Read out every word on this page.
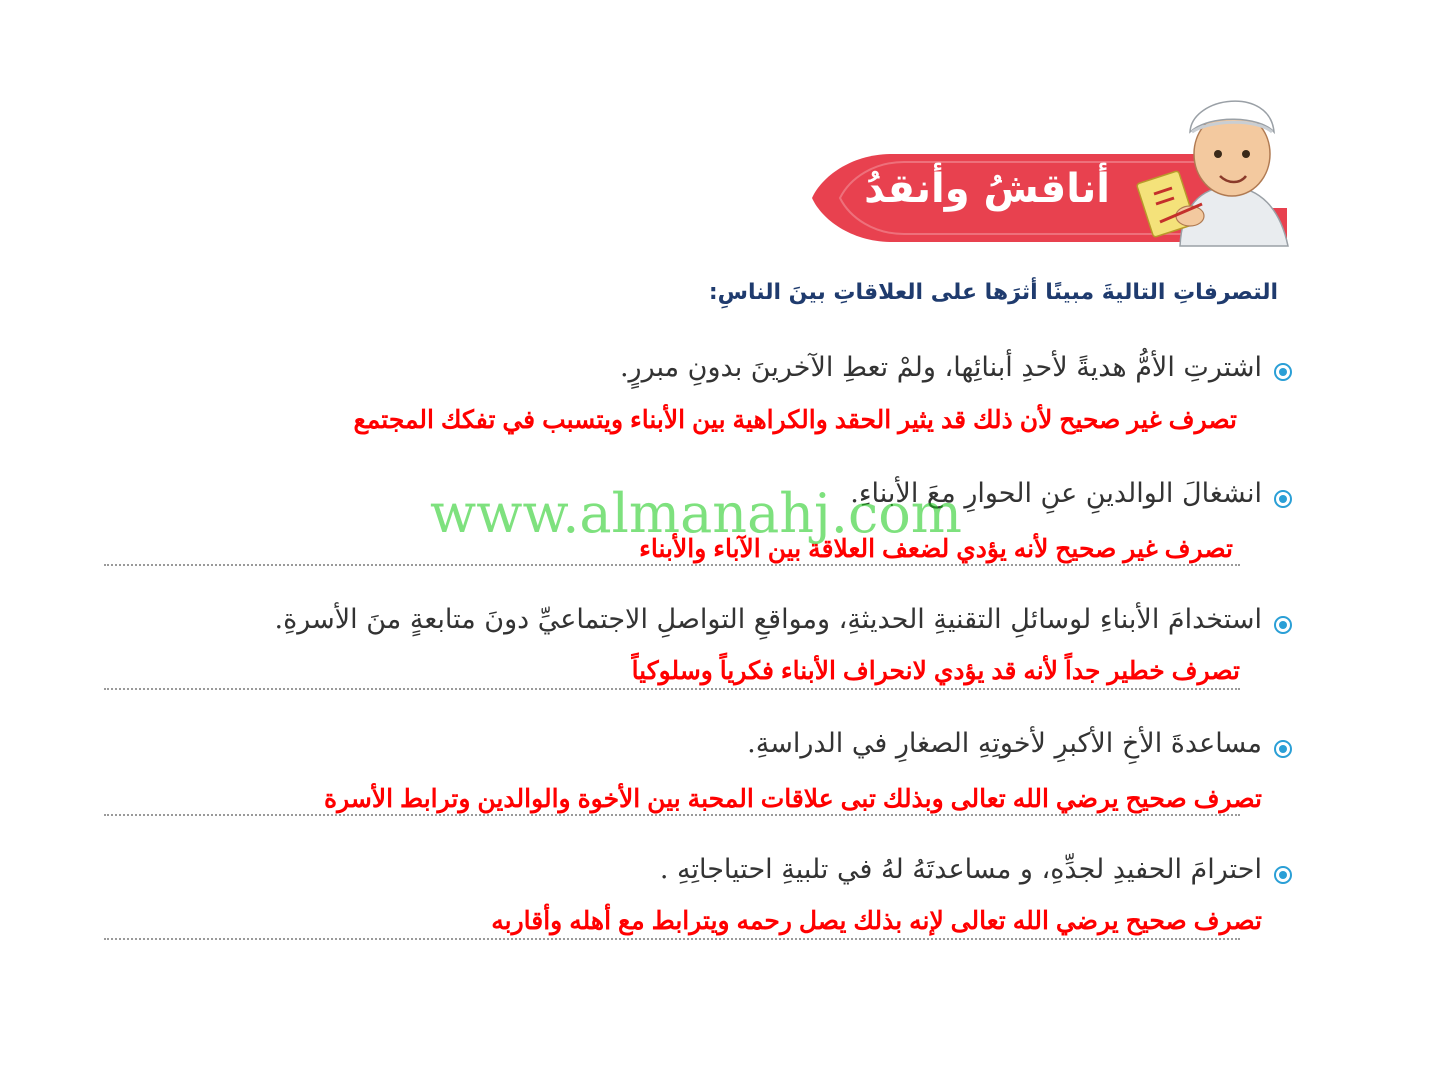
أناقشُ وأنقدُ
التصرفاتِ التاليةَ مبينًا أثرَها على العلاقاتِ بينَ الناسِ:
اشترتِ الأمُّ هديةً لأحدِ أبنائِها، ولمْ تعطِ الآخرينَ بدونِ مبررٍ.
تصرف غير صحيح لأن ذلك قد يثير الحقد والكراهية بين الأبناء ويتسبب في تفكك المجتمع
انشغالَ الوالدينِ عنِ الحوارِ معَ الأبناءِ.
تصرف غير صحيح لأنه يؤدي لضعف العلاقة بين الآباء والأبناء
استخدامَ الأبناءِ لوسائلِ التقنيةِ الحديثةِ، ومواقعِ التواصلِ الاجتماعيِّ دونَ متابعةٍ منَ الأسرةِ.
تصرف خطير جداً لأنه قد يؤدي لانحراف الأبناء فكرياً وسلوكياً
مساعدةَ الأخِ الأكبرِ لأخوتِهِ الصغارِ في الدراسةِ.
تصرف صحيح يرضي الله تعالى وبذلك تبى علاقات المحبة بين الأخوة والوالدين وترابط الأسرة
احترامَ الحفيدِ لجدِّهِ، و مساعدتَهُ لهُ في تلبيةِ احتياجاتِهِ .
تصرف صحيح يرضي الله تعالى لإنه بذلك يصل رحمه ويترابط مع أهله وأقاربه
www.almanahj.com
